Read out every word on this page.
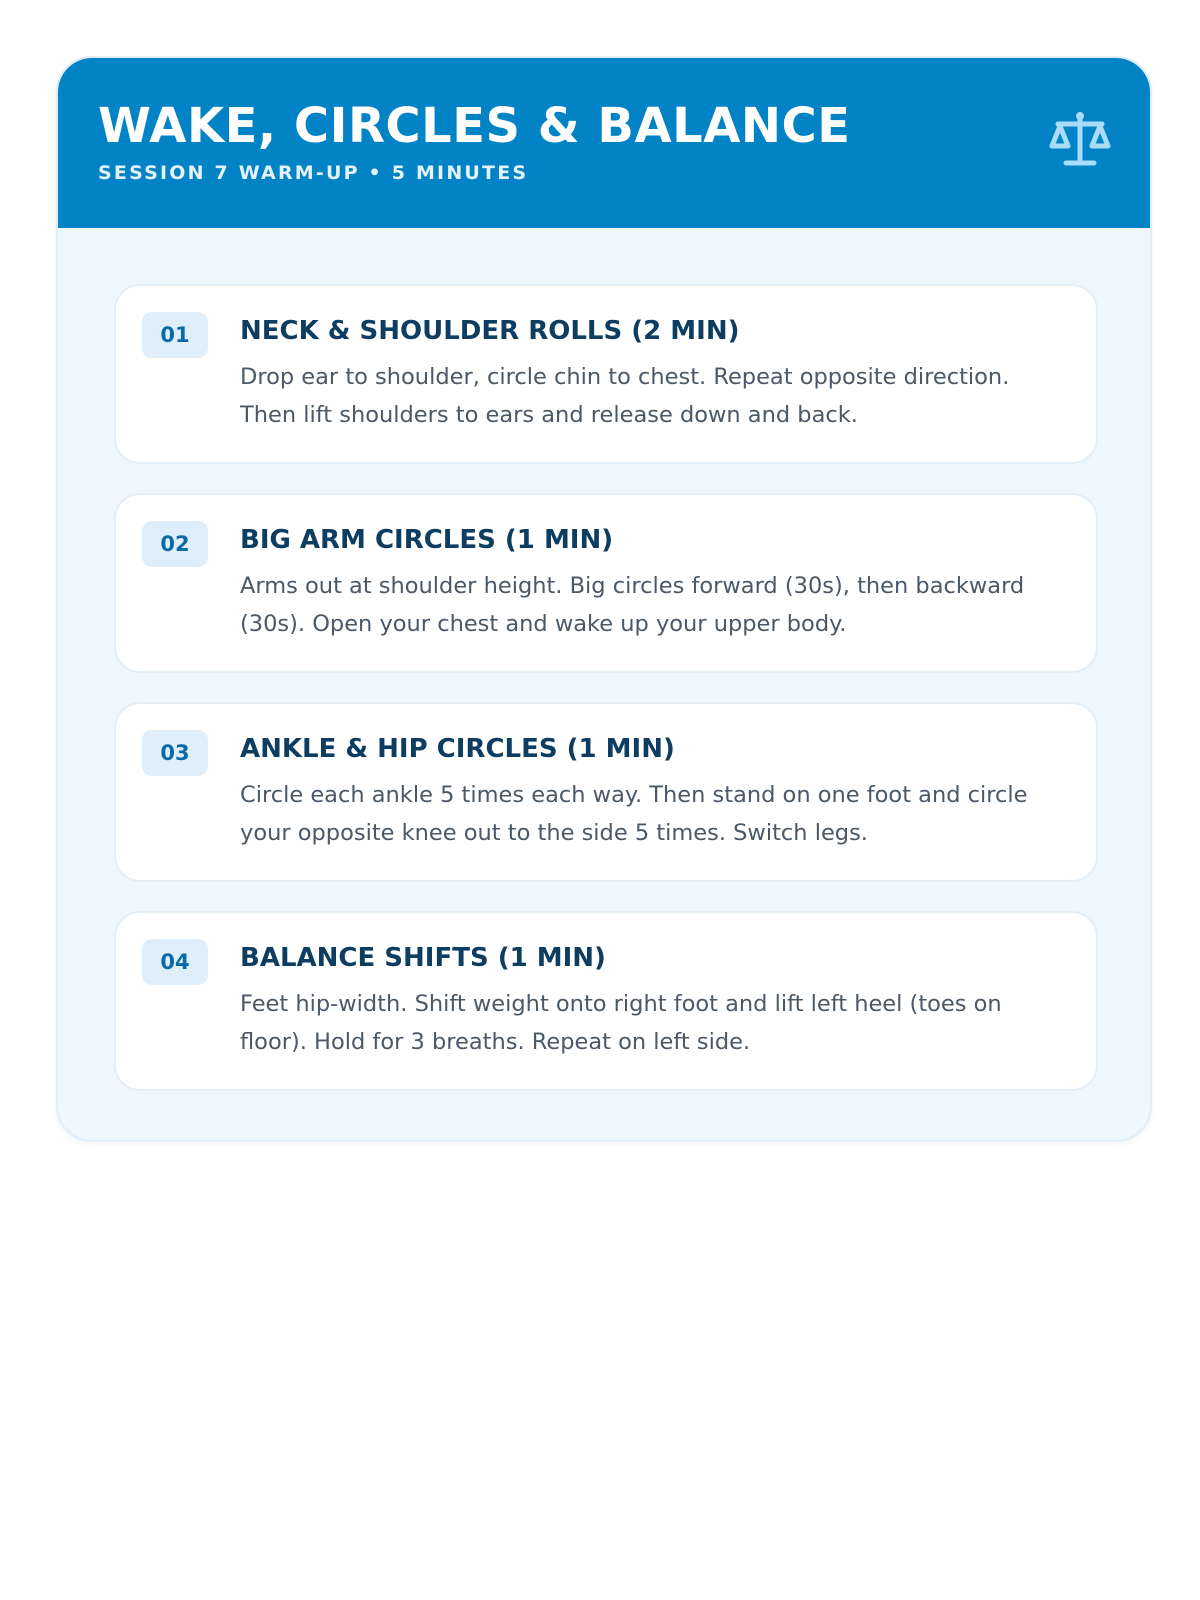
WAKE, CIRCLES & BALANCE

SESSION 7 WARM-UP • 5 MINUTES

01	NECK & SHOULDER ROLLS (2 MIN)

Drop ear to shoulder, circle chin to chest. Repeat opposite direction. Then lift shoulders to ears and release down and back.

02	BIG ARM CIRCLES (1 MIN)

Arms out at shoulder height. Big circles forward (30s), then backward (30s). Open your chest and wake up your upper body.

03	ANKLE & HIP CIRCLES (1 MIN)

Circle each ankle 5 times each way. Then stand on one foot and circle your opposite knee out to the side 5 times. Switch legs.

04	BALANCE SHIFTS (1 MIN)

Feet hip-width. Shift weight onto right foot and lift left heel (toes on floor). Hold for 3 breaths. Repeat on left side.
